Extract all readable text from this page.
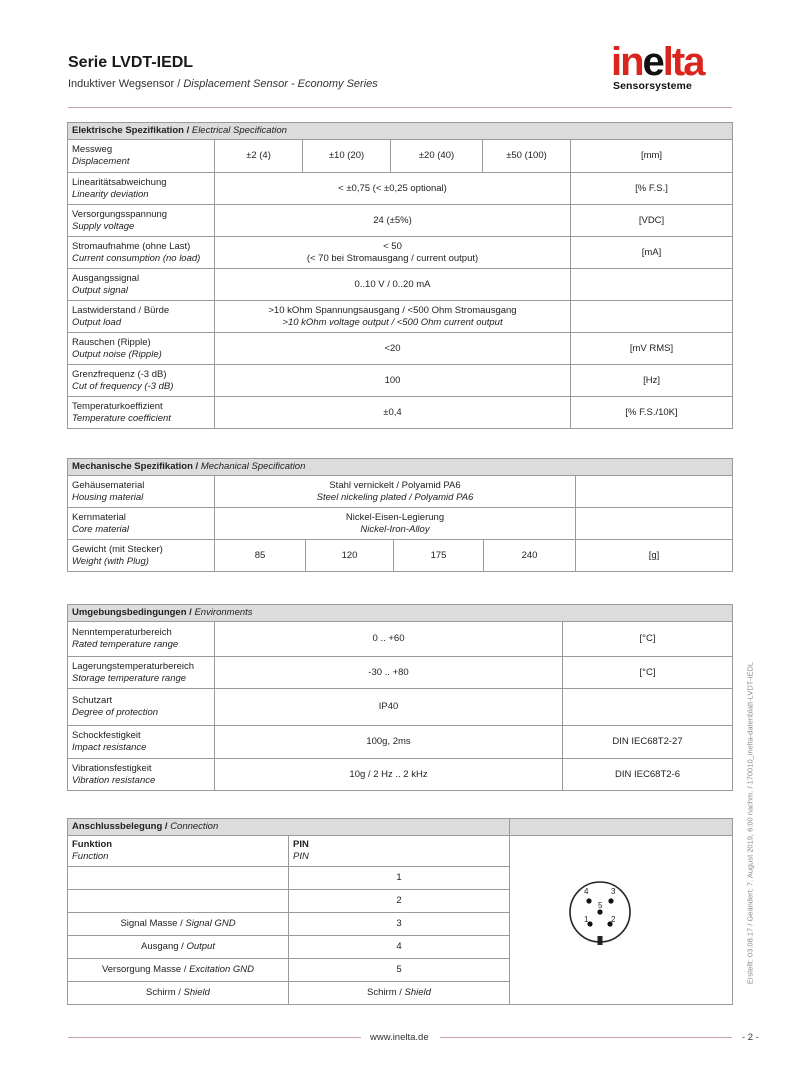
Serie LVDT-IEDL
Induktiver Wegsensor / Displacement Sensor - Economy Series	inelta
Sensorsysteme
Elektrische Spezifikation / Electrical Specification					

Messweg
Displacement	±2 (4)	±10 (20)	±20 (40)	±50 (100)	[mm]

Linearitätsabweichung
Linearity deviation	< ±0,75 (< ±0,25 optional)				[% F.S.]

Versorgungsspannung
Supply voltage	24 (±5%)				[VDC]

Stromaufnahme (ohne Last)
Current consumption (no load)	< 50
(< 70 bei Stromausgang / current output)				[mA]

Ausgangssignal
Output signal	0..10 V / 0..20 mA				

Lastwiderstand / Bürde
Output load	>10 kOhm Spannungsausgang / <500 Ohm Stromausgang
>10 kOhm voltage output / <500 Ohm current output				

Rauschen (Ripple)
Output noise (Ripple)	<20				[mV RMS]

Grenzfrequenz (-3 dB)
Cut of frequency (-3 dB)	100				[Hz]

Temperaturkoeffizient
Temperature coefficient	±0,4				[% F.S./10K]
Mechanische Spezifikation / Mechanical Specification					

Gehäusematerial
Housing material	Stahl vernickelt / Polyamid PA6
Steel nickeling plated / Polyamid PA6				

Kernmaterial
Core material	Nickel-Eisen-Legierung
Nickel-Iron-Alloy				

Gewicht (mit Stecker)
Weight (with Plug)	85	120	175	240	[g]
Umgebungsbedingungen / Environments		

Nenntemperaturbereich
Rated temperature range	0 .. +60	[°C]

Lagerungstemperaturbereich
Storage temperature range	-30 .. +80	[°C]

Schutzart
Degree of protection	IP40	

Schockfestigkeit
Impact resistance	100g, 2ms	DIN IEC68T2-27

Vibrationsfestigkeit
Vibration resistance	10g / 2 Hz .. 2 kHz	DIN IEC68T2-6
Anschlussbelegung / Connection		

Funktion
Function	PIN
PIN	

	1	
	2	
Signal Masse / Signal GND	3	
Ausgang / Output	4	
Versorgung Masse / Excitation GND	5	
Schirm / Shield	Schirm / Shield	
4	3
5
1	2	Erstellt: 03.08.17 / Geändert: 7. August 2019, 6:00 nachm. / 170010_inelta-datenblatt-LVDT-IEDL
www.inelta.de	- 2 -
